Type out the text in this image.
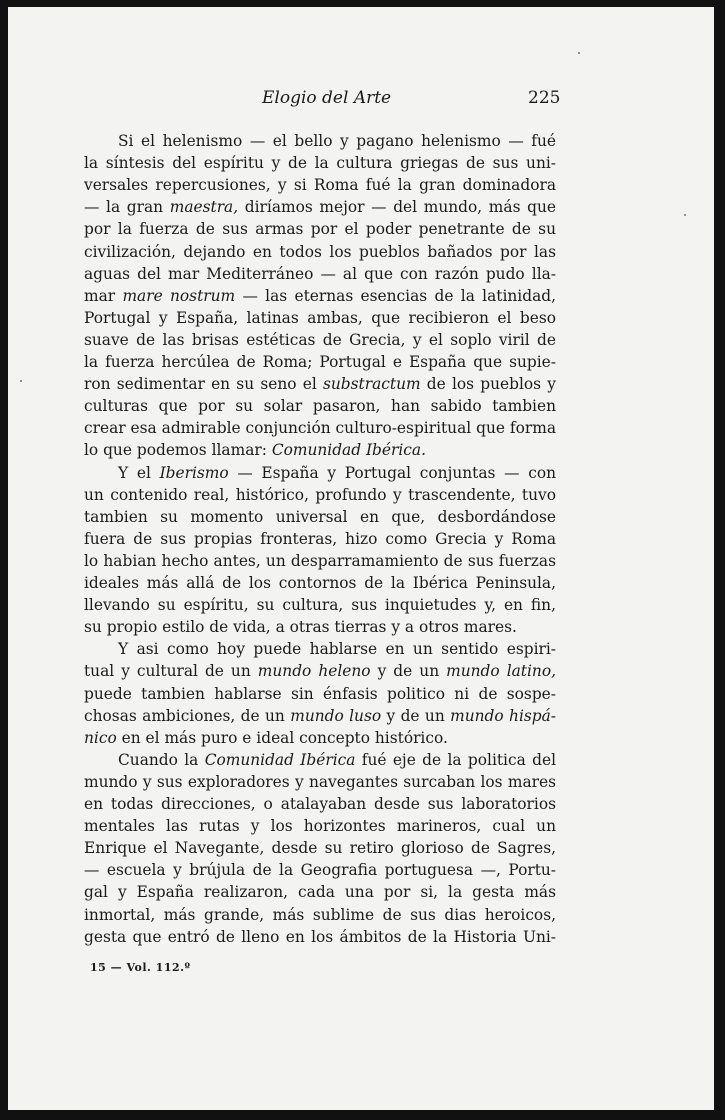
Elogio del Arte	225
Si el helenismo — el bello y pagano helenismo — fué
la síntesis del espíritu y de la cultura griegas de sus uni-
versales repercusiones, y si Roma fué la gran dominadora
— la gran maestra, diríamos mejor — del mundo, más que
por la fuerza de sus armas por el poder penetrante de su
civilización, dejando en todos los pueblos bañados por las
aguas del mar Mediterráneo — al que con razón pudo lla-
mar mare nostrum — las eternas esencias de la latinidad,
Portugal y España, latinas ambas, que recibieron el beso
suave de las brisas estéticas de Grecia, y el soplo viril de
la fuerza hercúlea de Roma; Portugal e España que supie-
ron sedimentar en su seno el substractum de los pueblos y
culturas que por su solar pasaron, han sabido tambien
crear esa admirable conjunción culturo-espiritual que forma
lo que podemos llamar: Comunidad Ibérica.
Y el Iberismo — España y Portugal conjuntas — con
un contenido real, histórico, profundo y trascendente, tuvo
tambien su momento universal en que, desbordándose
fuera de sus propias fronteras, hizo como Grecia y Roma
lo habian hecho antes, un desparramamiento de sus fuerzas
ideales más allá de los contornos de la Ibérica Peninsula,
llevando su espíritu, su cultura, sus inquietudes y, en fin,
su propio estilo de vida, a otras tierras y a otros mares.
Y asi como hoy puede hablarse en un sentido espiri-
tual y cultural de un mundo heleno y de un mundo latino,
puede tambien hablarse sin énfasis politico ni de sospe-
chosas ambiciones, de un mundo luso y de un mundo hispá-
nico en el más puro e ideal concepto histórico.
Cuando la Comunidad Ibérica fué eje de la politica del
mundo y sus exploradores y navegantes surcaban los mares
en todas direcciones, o atalayaban desde sus laboratorios
mentales las rutas y los horizontes marineros, cual un
Enrique el Navegante, desde su retiro glorioso de Sagres,
— escuela y brújula de la Geografia portuguesa —, Portu-
gal y España realizaron, cada una por si, la gesta más
inmortal, más grande, más sublime de sus dias heroicos,
gesta que entró de lleno en los ámbitos de la Historia Uni-
15 — Vol. 112.º
